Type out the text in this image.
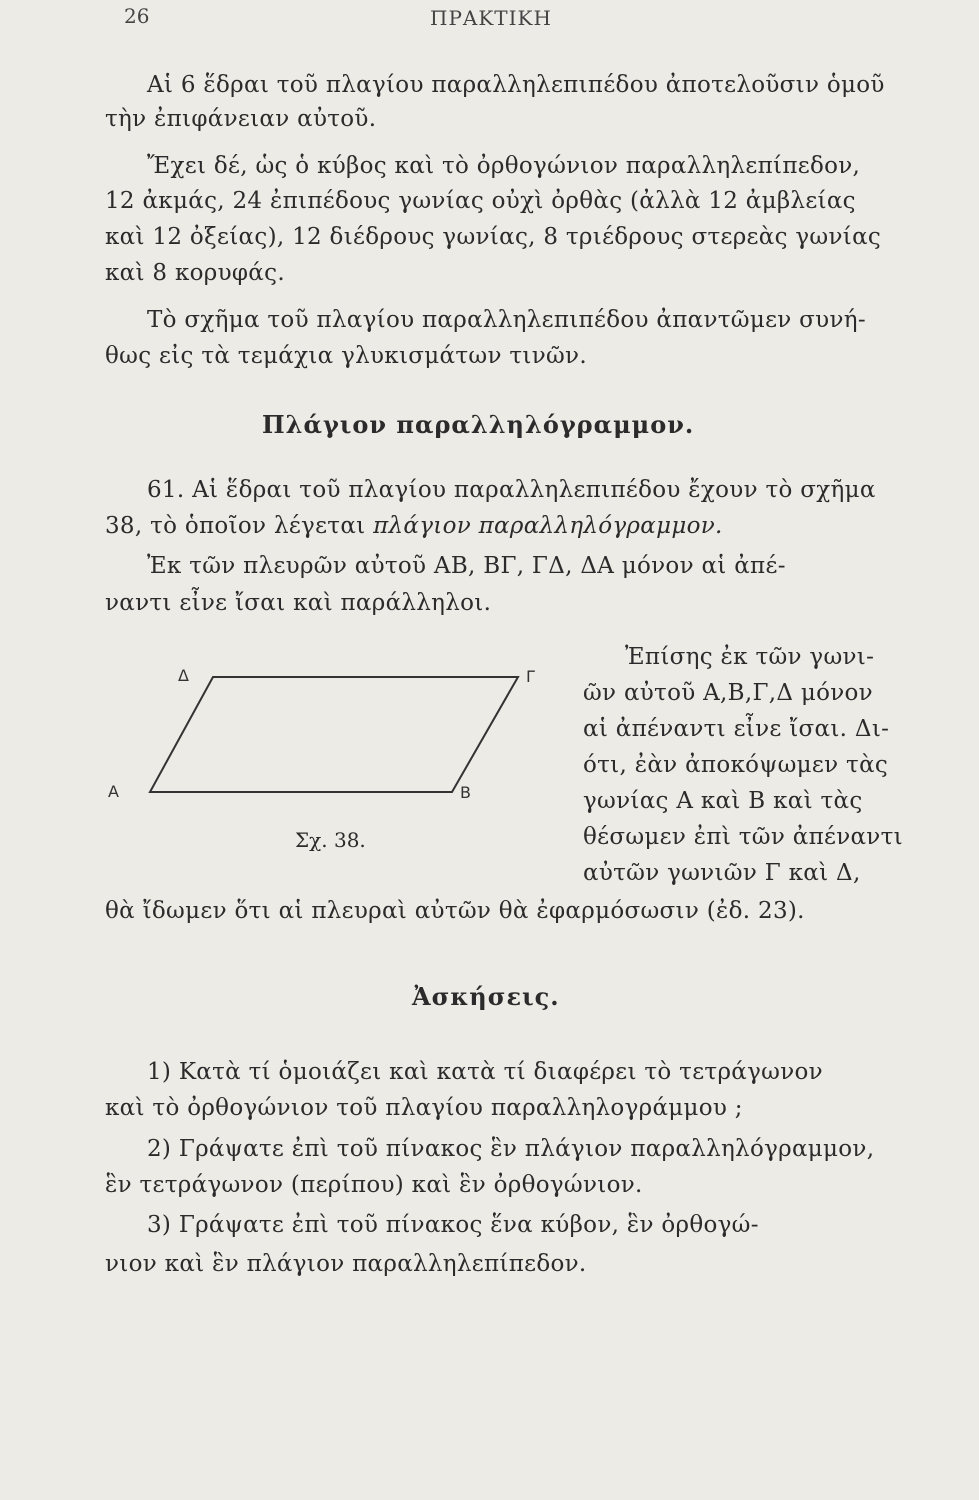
26	ΠΡΑΚΤΙΚΗ
Αἱ 6 ἕδραι τοῦ πλαγίου παραλληλεπιπέδου ἀποτελοῦσιν ὁμοῦ
τὴν ἐπιφάνειαν αὐτοῦ.
Ἔχει δέ, ὡς ὁ κύβος καὶ τὸ ὀρθογώνιον παραλληλεπίπεδον,
12 ἀκμάς, 24 ἐπιπέδους γωνίας οὐχὶ ὀρθὰς (ἀλλὰ 12 ἀμβλείας
καὶ 12 ὀξείας), 12 διέδρους γωνίας, 8 τριέδρους στερεὰς γωνίας
καὶ 8 κορυφάς.
Τὸ σχῆμα τοῦ πλαγίου παραλληλεπιπέδου ἀπαντῶμεν συνή-
θως εἰς τὰ τεμάχια γλυκισμάτων τινῶν.
Πλάγιον παραλληλόγραμμον.
61. Αἱ ἕδραι τοῦ πλαγίου παραλληλεπιπέδου ἔχουν τὸ σχῆμα
38, τὸ ὁποῖον λέγεται πλάγιον παραλληλόγραμμον.
Ἐκ τῶν πλευρῶν αὐτοῦ ΑΒ, ΒΓ, ΓΔ, ΔΑ μόνον αἱ ἀπέ-
ναντι εἶνε ἴσαι καὶ παράλληλοι.
Α	Β
Γ
Δ
Σχ. 38.
Ἐπίσης ἐκ τῶν γωνι-
ῶν αὐτοῦ Α,Β,Γ,Δ μόνον
αἱ ἀπέναντι εἶνε ἴσαι. Δι-
ότι, ἐὰν ἀποκόψωμεν τὰς
γωνίας Α καὶ Β καὶ τὰς
θέσωμεν ἐπὶ τῶν ἀπέναντι
αὐτῶν γωνιῶν Γ καὶ Δ,
θὰ ἴδωμεν ὅτι αἱ πλευραὶ αὐτῶν θὰ ἐφαρμόσωσιν (ἐδ. 23).
Ἀσκήσεις.
1) Κατὰ τί ὁμοιάζει καὶ κατὰ τί διαφέρει τὸ τετράγωνον
καὶ τὸ ὀρθογώνιον τοῦ πλαγίου παραλληλογράμμου ;
2) Γράψατε ἐπὶ τοῦ πίνακος ἓν πλάγιον παραλληλόγραμμον,
ἓν τετράγωνον (περίπου) καὶ ἓν ὀρθογώνιον.
3) Γράψατε ἐπὶ τοῦ πίνακος ἕνα κύβον, ἓν ὀρθογώ-
νιον καὶ ἓν πλάγιον παραλληλεπίπεδον.
